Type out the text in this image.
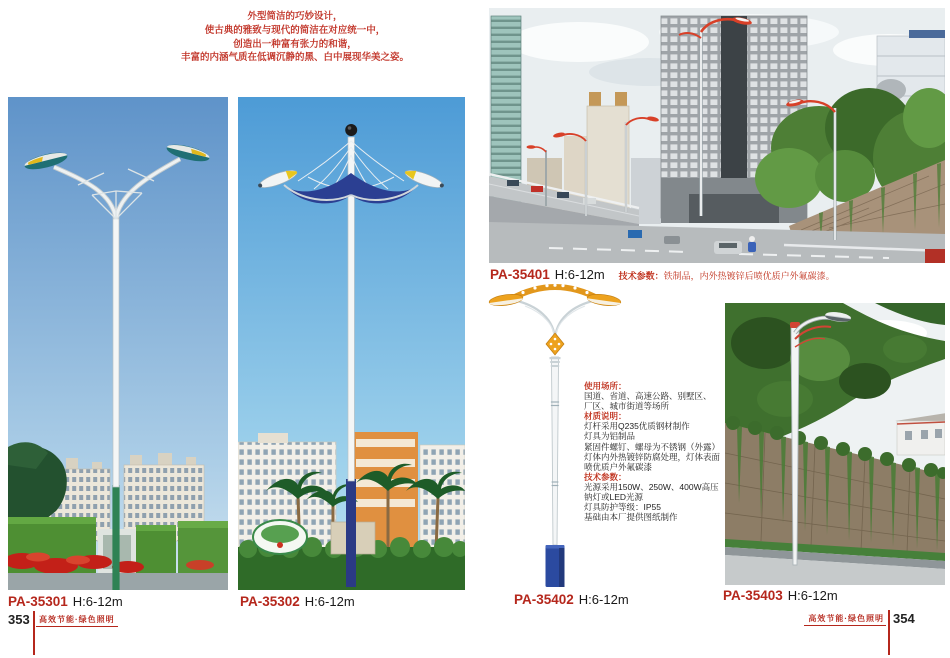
外型简洁的巧妙设计，
使古典的雅致与现代的简洁在对应统一中，
创造出一种富有张力的和谐，
丰富的内涵气质在低调沉静的黑、白中展现华美之姿。
PA-35401 H:6-12m 技术参数：铁制品，内外热镀锌后喷优质户外氟碳漆。
使用场所：
国道、省道、高速公路、别墅区、
厂区、城市街道等场所
材质说明：
灯杆采用Q235优质钢材制作
灯具为铝制品
紧固件螺钉、螺母为不锈钢（外露）
灯体内外热镀锌防腐处理，灯体表面
喷优质户外氟碳漆
技术参数：
光源采用150W、250W、400W高压
钠灯或LED光源
灯具防护等级：IP55
基础由本厂提供图纸制作
PA-35301 H:6-12m	PA-35302 H:6-12m	PA-35402 H:6-12m	PA-35403 H:6-12m
353 高效节能·绿色照明	高效节能·绿色照明 354
